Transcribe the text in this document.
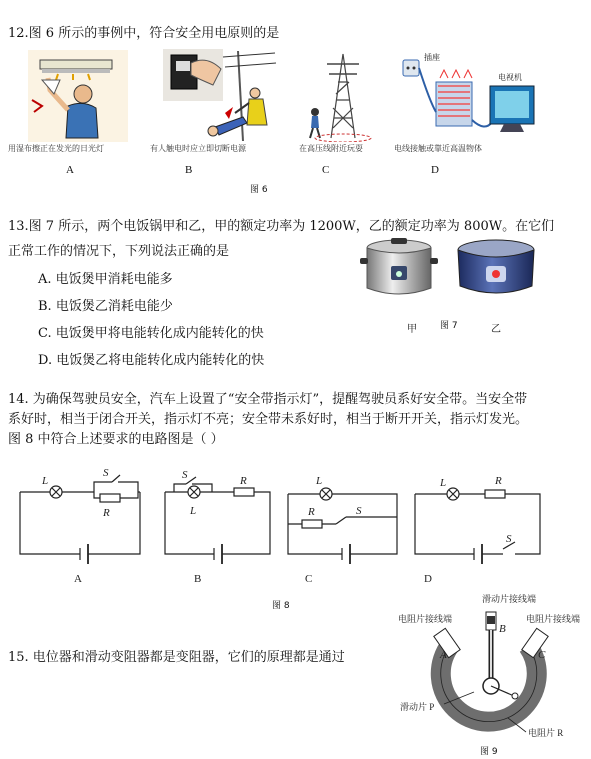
12.图 6 所示的事例中，符合安全用电原则的是
插座
电视机
用湿布擦正在发光的日光灯	有人触电时应立即切断电源	在高压线附近玩耍	电线接触或靠近高温物体
A	B	C	D
图 6
13.图 7 所示，两个电饭锅甲和乙，甲的额定功率为 1200W，乙的额定功率为 800W。在它们
正常工作的情况下，下列说法正确的是
A. 电饭煲甲消耗电能多
B. 电饭煲乙消耗电能少
C. 电饭煲甲将电能转化成内能转化的快
D. 电饭煲乙将电能转化成内能转化的快
甲	图 7	乙
14. 为确保驾驶员安全，汽车上设置了“安全带指示灯”，提醒驾驶员系好安全带。当安全带
系好时，相当于闭合开关，指示灯不亮；安全带未系好时，相当于断开开关，指示灯发光。
图 8 中符合上述要求的电路图是（ ）
L
S
R
S
L
R	L
R	S
L	R
S
A	B	C	D
图 8
15. 电位器和滑动变阻器都是变阻器，它们的原理都是通过
滑动片接线端
电阻片接线端	电阻片接线端
滑动片 P
电阻片 R
A
B
C
图 9
